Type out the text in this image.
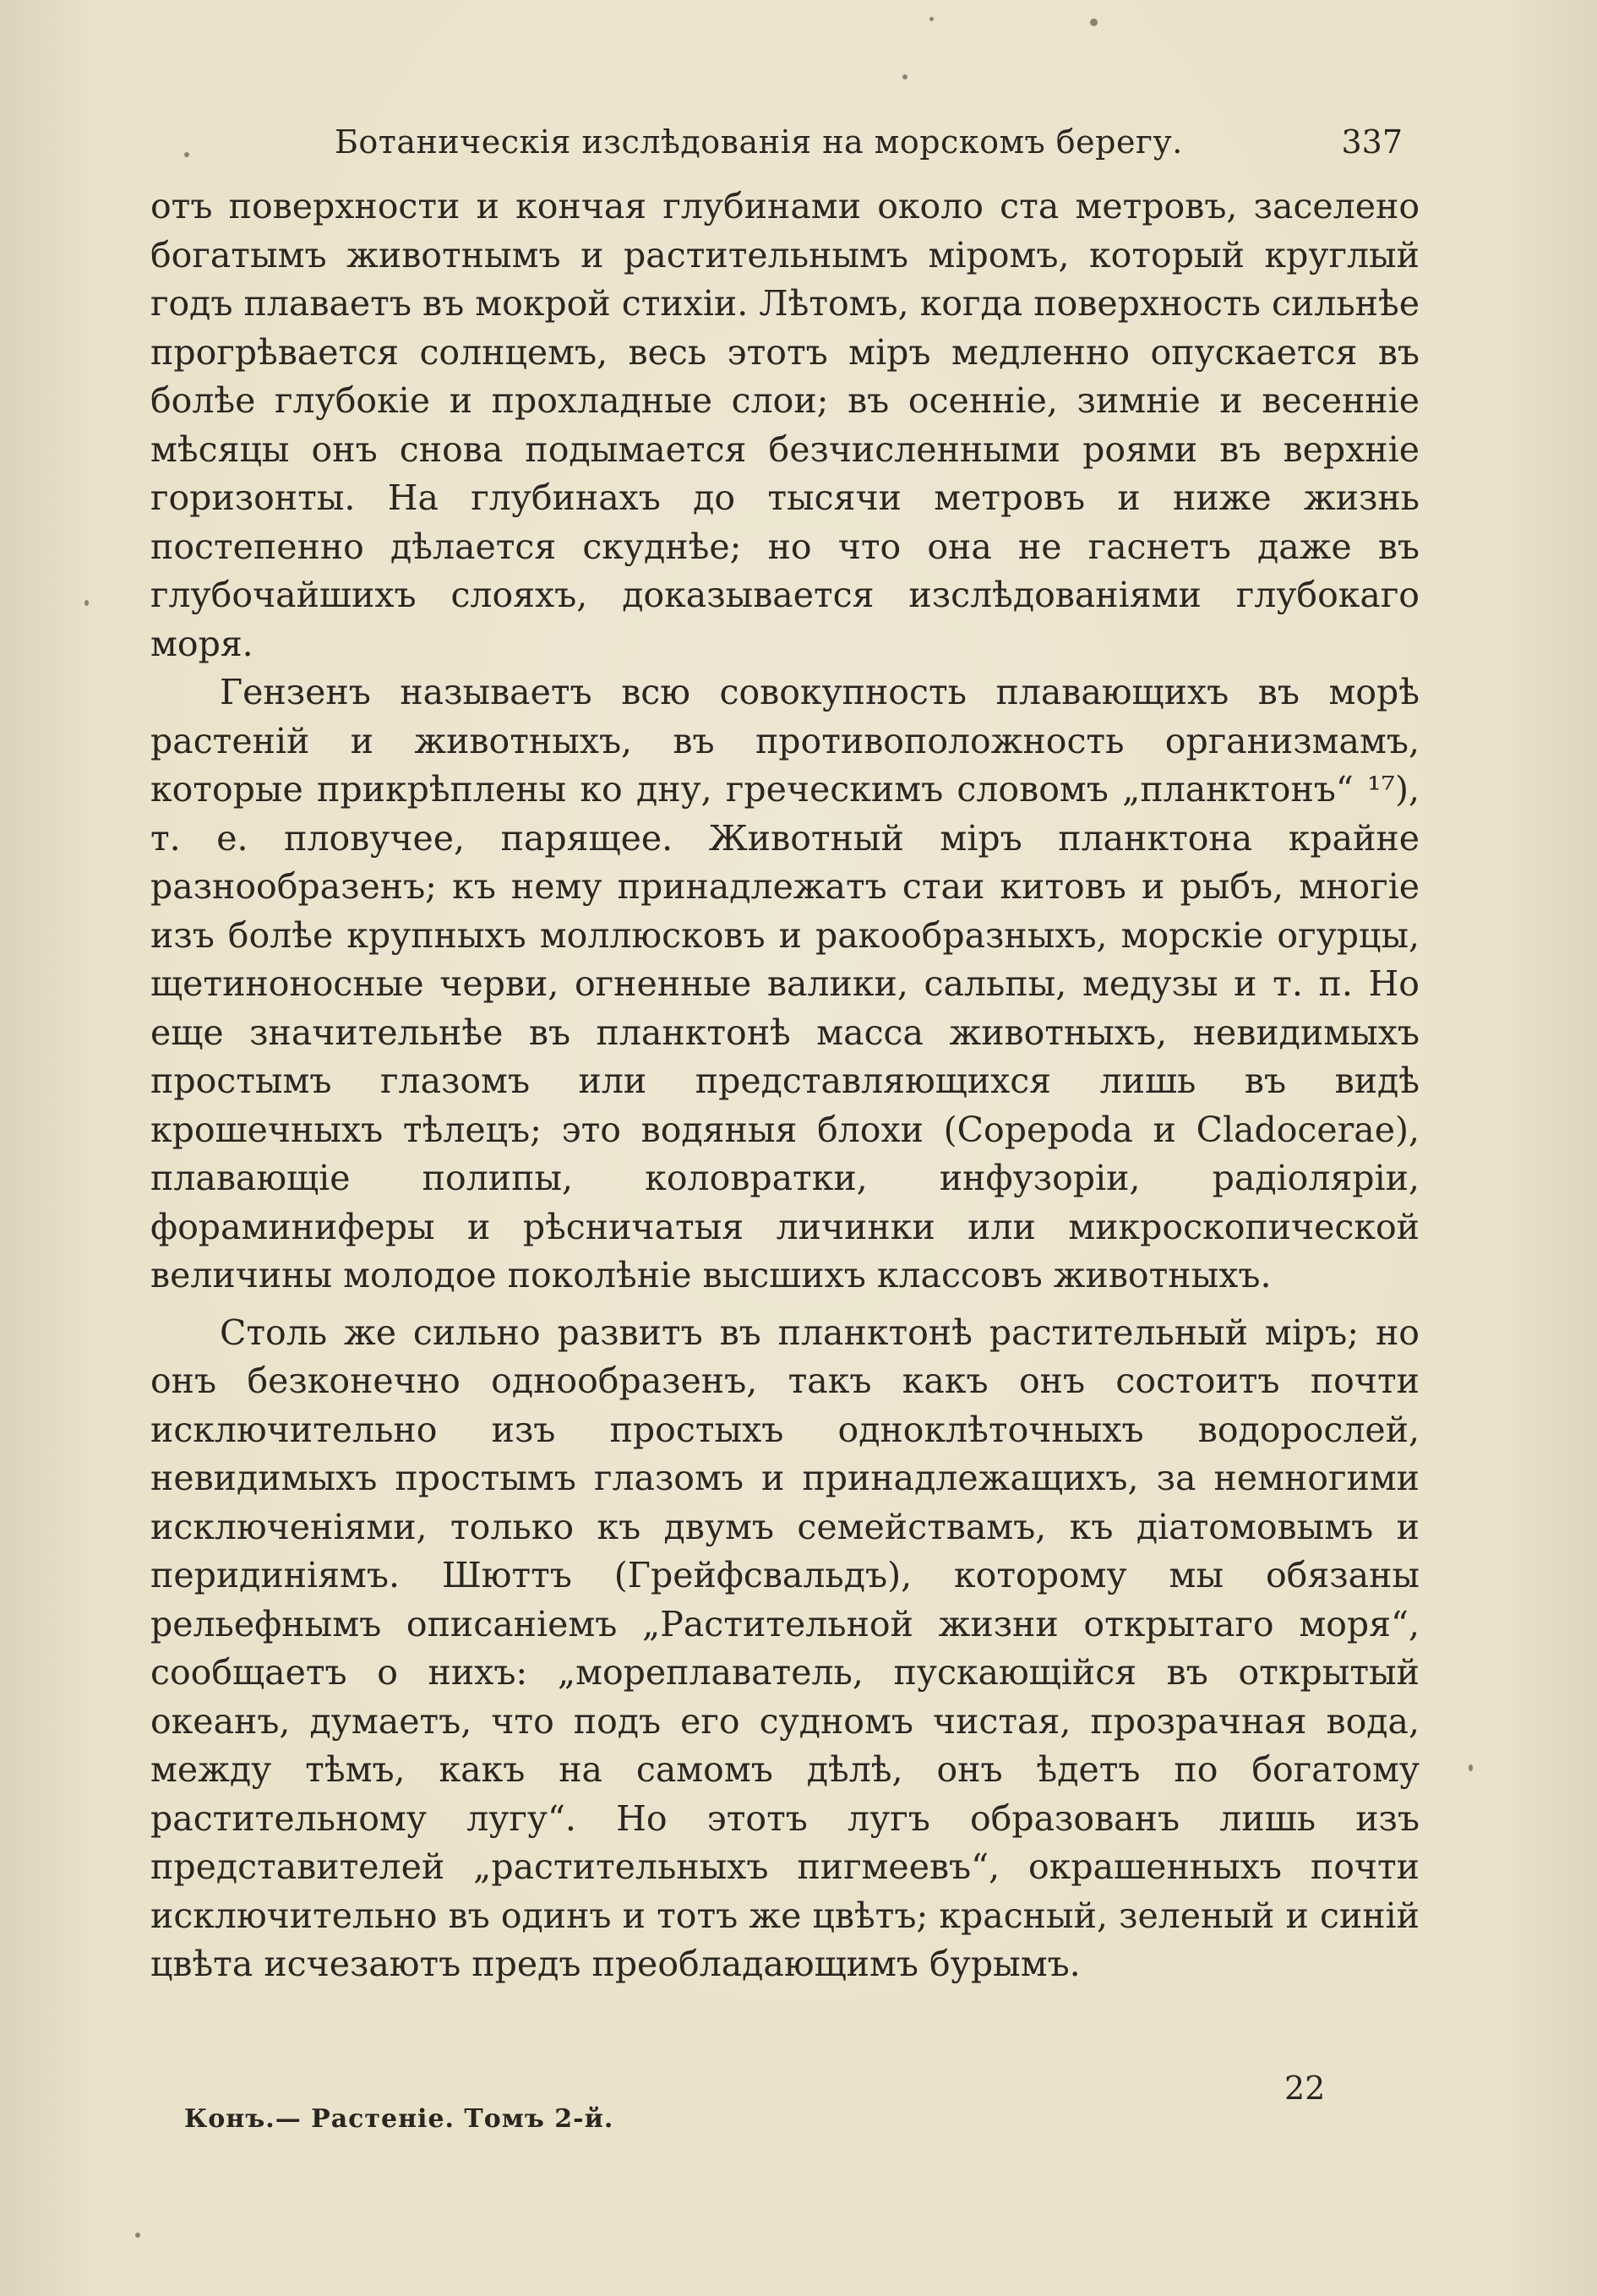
Ботаническія изслѣдованія на морскомъ берегу.	337

отъ поверхности и кончая глубинами около ста метровъ, заселено богатымъ животнымъ и растительнымъ міромъ, который круглый годъ плаваетъ въ мокрой стихіи. Лѣтомъ, когда поверхность сильнѣе прогрѣвается солнцемъ, весь этотъ міръ медленно опускается въ болѣе глубокіе и прохладные слои; въ осенніе, зимніе и весенніе мѣсяцы онъ снова подымается безчисленными роями въ верхніе горизонты. На глубинахъ до тысячи метровъ и ниже жизнь постепенно дѣлается скуднѣе; но что она не гаснетъ даже въ глубочайшихъ слояхъ, доказывается изслѣдованіями глубокаго моря.

Гензенъ называетъ всю совокупность плавающихъ въ морѣ растеній и животныхъ, въ противоположность организмамъ, которые прикрѣплены ко дну, греческимъ словомъ „планктонъ“ ¹⁷), т. е. пловучее, парящее. Животный міръ планктона крайне разнообразенъ; къ нему принадлежатъ стаи китовъ и рыбъ, многіе изъ болѣе крупныхъ моллюсковъ и ракообразныхъ, морскіе огурцы, щетиноносные черви, огненные валики, сальпы, медузы и т. п. Но еще значительнѣе въ планктонѣ масса животныхъ, невидимыхъ простымъ глазомъ или представляющихся лишь въ видѣ крошечныхъ тѣлецъ; это водяныя блохи (Copepoda и Cladocerae), плавающіе полипы, коловратки, инфузоріи, радіоляріи, фораминиферы и рѣсничатыя личинки или микроскопической величины молодое поколѣніе высшихъ классовъ животныхъ.

Столь же сильно развитъ въ планктонѣ растительный міръ; но онъ безконечно однообразенъ, такъ какъ онъ состоитъ почти исключительно изъ простыхъ одноклѣточныхъ водорослей, невидимыхъ простымъ глазомъ и принадлежащихъ, за немногими исключеніями, только къ двумъ семействамъ, къ діатомовымъ и перидиніямъ. Шюттъ (Грейфсвальдъ), которому мы обязаны рельефнымъ описаніемъ „Растительной жизни открытаго моря“, сообщаетъ о нихъ: „мореплаватель, пускающійся въ открытый океанъ, думаетъ, что подъ его судномъ чистая, прозрачная вода, между тѣмъ, какъ на самомъ дѣлѣ, онъ ѣдетъ по богатому растительному лугу“. Но этотъ лугъ образованъ лишь изъ представителей „растительныхъ пигмеевъ“, окрашенныхъ почти исключительно въ одинъ и тотъ же цвѣтъ; красный, зеленый и синій цвѣта исчезаютъ предъ преобладающимъ бурымъ.

22
Конъ.— Растеніе. Томъ 2-й.
